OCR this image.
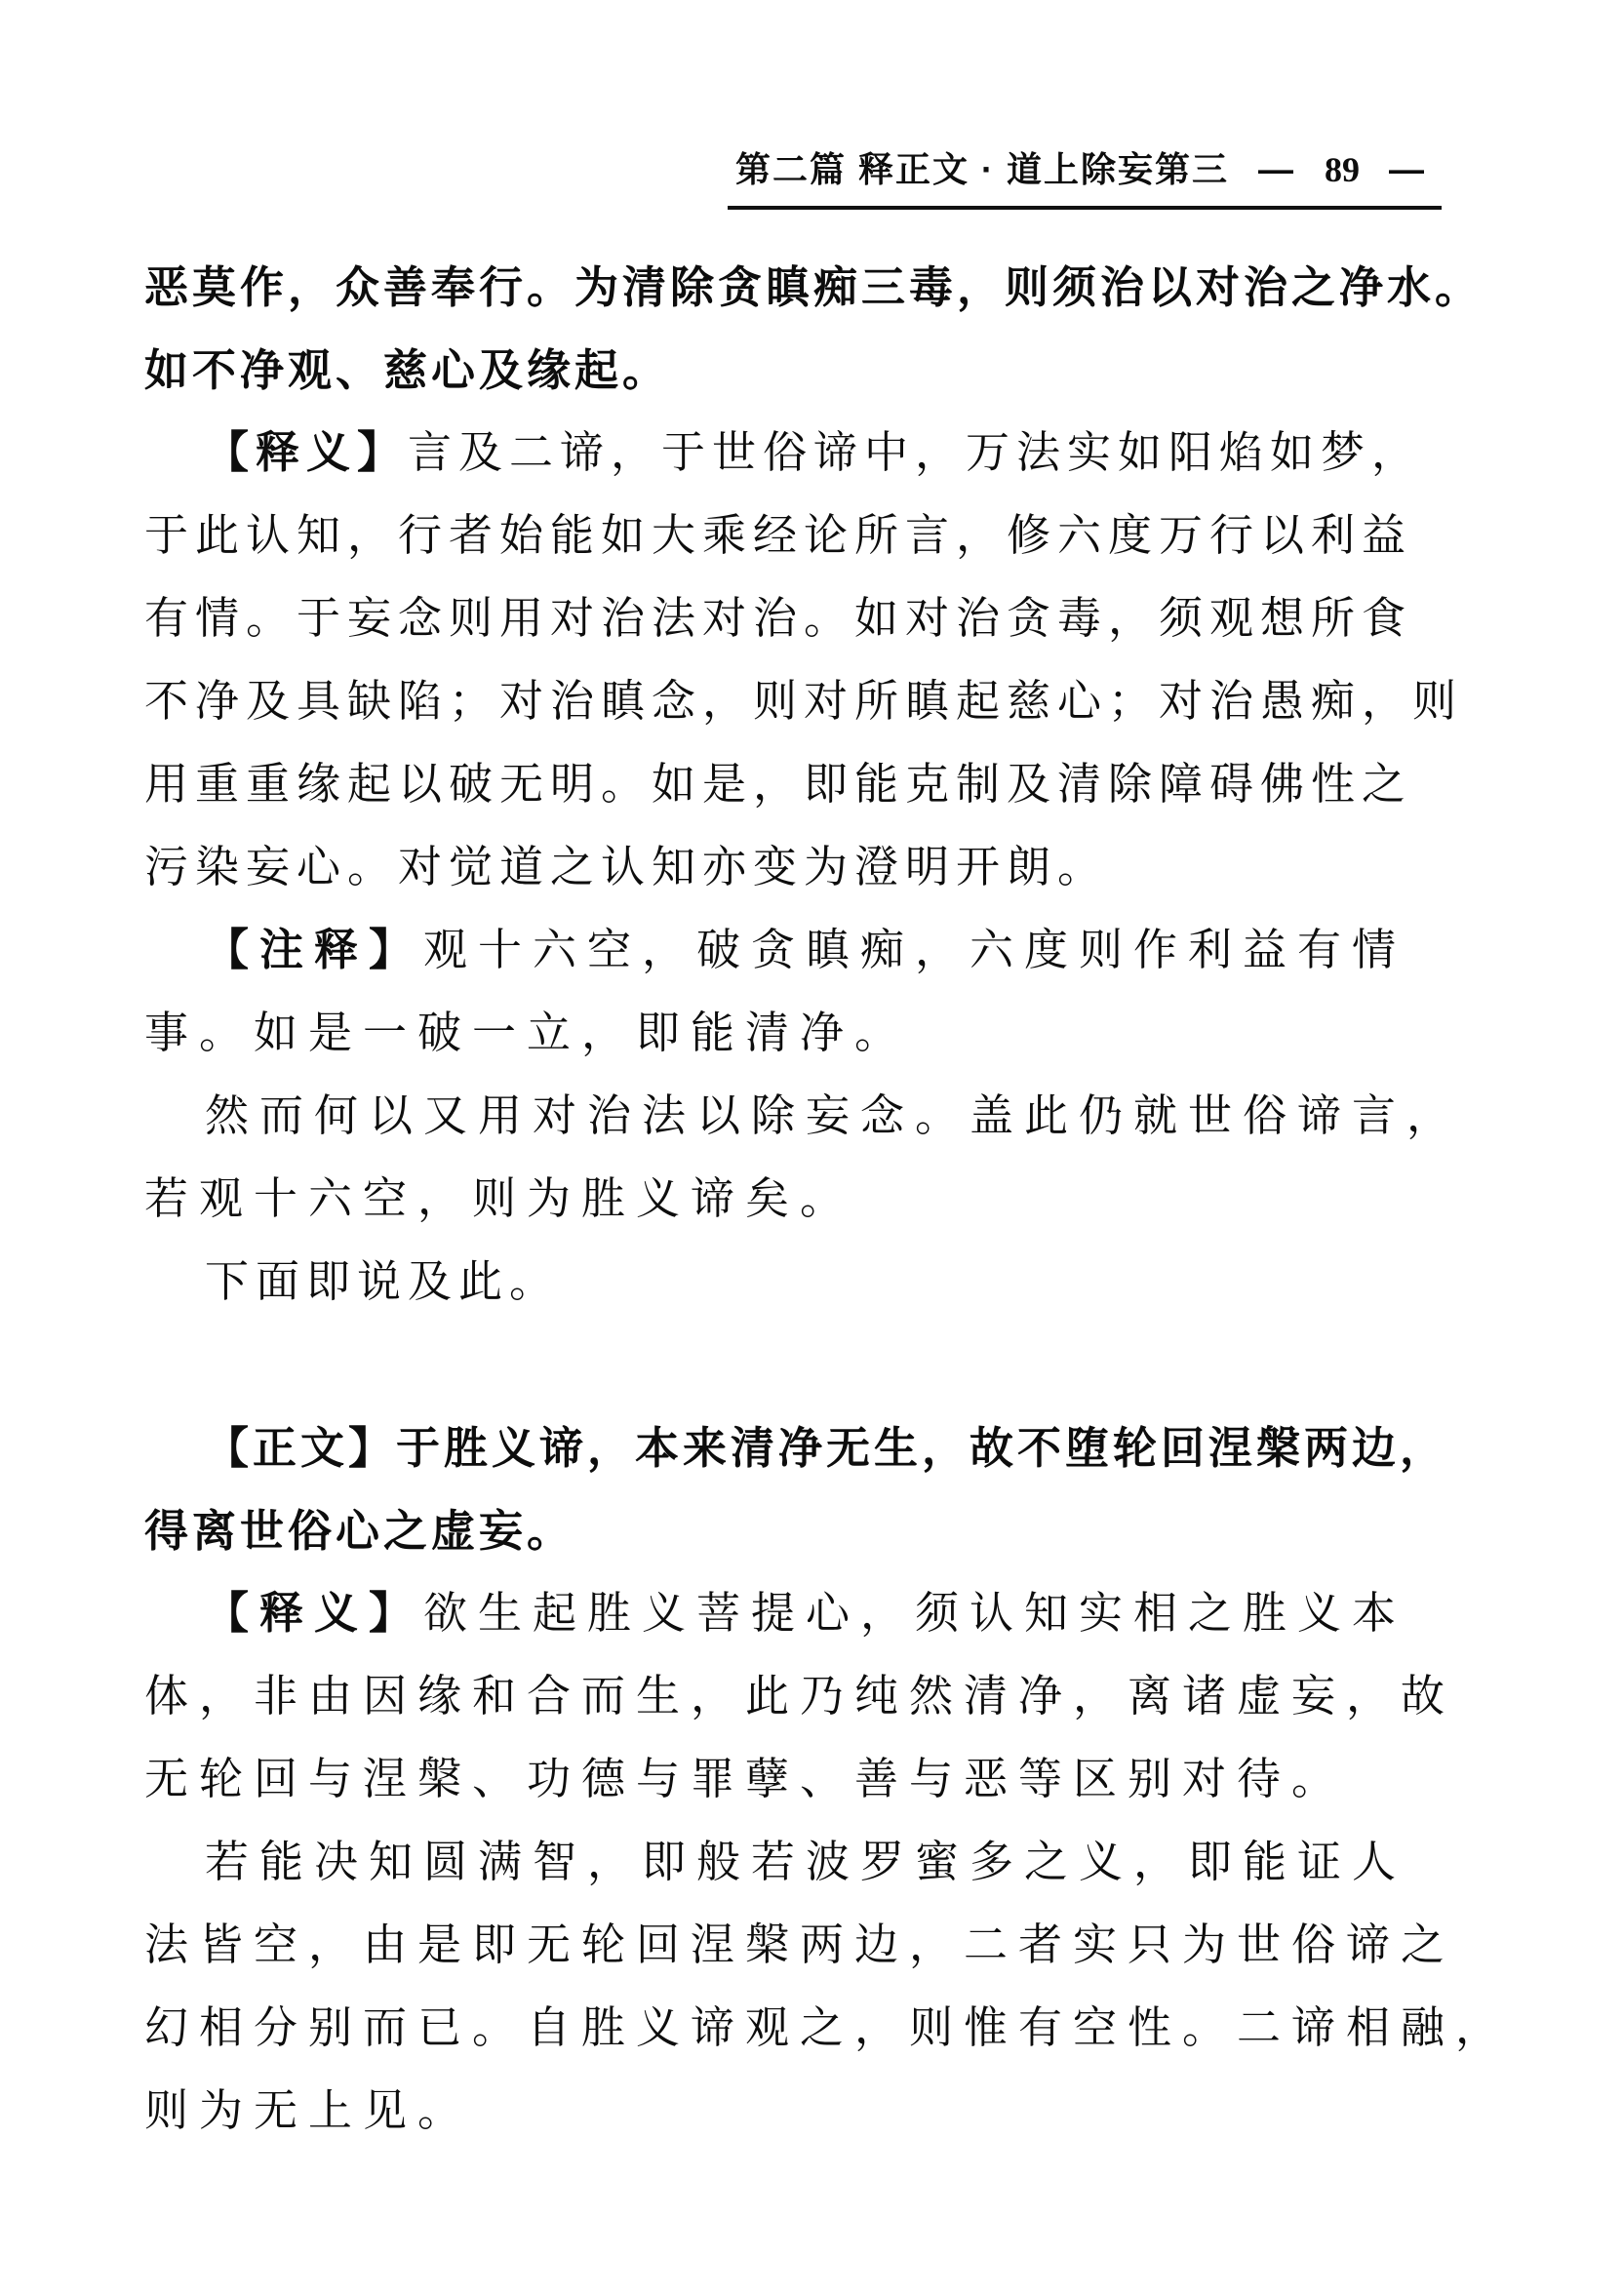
第二篇 释正文 · 道上除妄第三 — 89 —
恶莫作，众善奉行。为清除贪瞋痴三毒，则须治以对治之净水。
如不净观、慈心及缘起。
【释义】言及二谛，于世俗谛中，万法实如阳焰如梦，
于此认知，行者始能如大乘经论所言，修六度万行以利益
有情。于妄念则用对治法对治。如对治贪毒，须观想所食
不净及具缺陷；对治瞋念，则对所瞋起慈心；对治愚痴，则
用重重缘起以破无明。如是，即能克制及清除障碍佛性之
污染妄心。对觉道之认知亦变为澄明开朗。
【注释】观十六空，破贪瞋痴，六度则作利益有情
事。如是一破一立，即能清净。
然而何以又用对治法以除妄念。盖此仍就世俗谛言，
若观十六空，则为胜义谛矣。
下面即说及此。
【正文】于胜义谛，本来清净无生，故不堕轮回涅槃两边，
得离世俗心之虚妄。
【释义】欲生起胜义菩提心，须认知实相之胜义本
体，非由因缘和合而生，此乃纯然清净，离诸虚妄，故
无轮回与涅槃、功德与罪孽、善与恶等区别对待。
若能决知圆满智，即般若波罗蜜多之义，即能证人
法皆空，由是即无轮回涅槃两边，二者实只为世俗谛之
幻相分别而已。自胜义谛观之，则惟有空性。二谛相融，
则为无上见。
